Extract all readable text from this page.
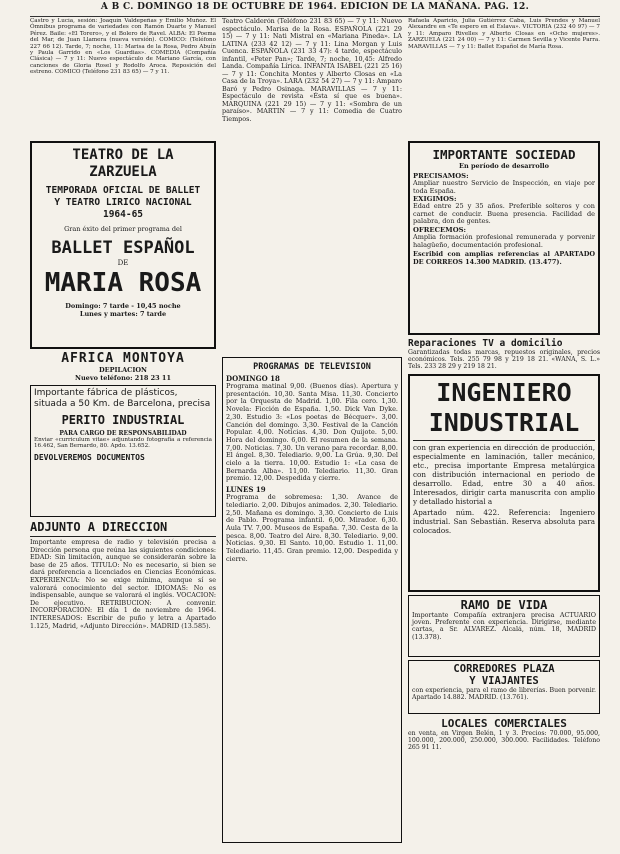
A B C. DOMINGO 18 DE OCTUBRE DE 1964. EDICION DE LA MAÑANA. PAG. 12.

Castro y Lucía, sesión: Joaquín Valdepeñas y Emilio Muñoz. El Ómnibus programa de variedades con Ramón Duarte y Manuel Pérez. Baile: «El Torero», y el Bolero de Ravel. ALBA: El Poema del Mar, de Juan Llamera (nueva versión). COMICO: (Teléfono 227 66 12). Tarde, 7; noche, 11: Marisa de la Rosa, Pedro Abuín y Paula Garrido en «Los Guardias». COMEDIA (Compañía Clásica) — 7 y 11: Nuevo espectáculo de Mariano García, con canciones de Gloria Rosel y Rodolfo Aroca. Reposición del estreno. COMICO (Teléfono 231 83 65) — 7 y 11.

TEATRO DE LA ZARZUELA
TEMPORADA OFICIAL DE BALLET Y TEATRO LIRICO NACIONAL 1964-65
Gran éxito del primer programa del
BALLET ESPAÑOL
DE
MARIA ROSA
Domingo: 7 tarde - 10,45 noche
Lunes y martes: 7 tarde
AFRICA MONTOYA
DEPILACION
Nuevo teléfono: 218 23 11
Importante fábrica de plásticos, situada a 50 Km. de Barcelona, precisa
PERITO INDUSTRIAL
PARA CARGO DE RESPONSABILIDAD

Enviar «curriculum vitae» adjuntando fotografía a referencia 16.462, San Bernardo, 80. Apdo. 13.652.

DEVOLVEREMOS DOCUMENTOS
ADJUNTO A DIRECCION

Importante empresa de radio y televisión precisa a Dirección persona que reúna las siguientes condiciones: EDAD: Sin limitación, aunque se considerarán sobre la base de 25 años. TITULO: No es necesario, si bien se dará preferencia a licenciados en Ciencias Económicas. EXPERIENCIA: No se exige mínima, aunque sí se valorará conocimiento del sector. IDIOMAS: No es indispensable, aunque se valorará el inglés. VOCACION: De ejecutivo. RETRIBUCION: A convenir. INCORPORACION: El día 1 de noviembre de 1964. INTERESADOS: Escribir de puño y letra a Apartado 1.125, Madrid, «Adjunto Dirección». MADRID (13.585).

Teatro Calderón (Teléfono 231 83 65) — 7 y 11: Nuevo espectáculo. Marisa de la Rosa. ESPAÑOLA (221 29 15) — 7 y 11: Nati Mistral en «Mariana Pineda». LA LATINA (233 42 12) — 7 y 11: Lina Morgan y Luis Cuenca. ESPAÑOLA (231 33 47): 4 tarde, espectáculo infantil, «Peter Pan»; Tarde, 7; noche, 10,45: Alfredo Landa. Compañía Lírica. INFANTA ISABEL (221 25 16) — 7 y 11: Conchita Montes y Alberto Closas en «La Casa de la Troya». LARA (232 54 27) — 7 y 11: Amparo Baró y Pedro Osinaga. MARAVILLAS — 7 y 11: Espectáculo de revista «Ésta sí que es buena». MARQUINA (221 29 15) — 7 y 11: «Sombra de un paraíso». MARTIN — 7 y 11: Comedia de Cuatro Tiempos.

PROGRAMAS DE TELEVISION
DOMINGO 18

Programa matinal 9,00. (Buenos días). Apertura y presentación. 10,30. Santa Misa. 11,30. Concierto por la Orquesta de Madrid. 1,00. Fila cero. 1,30. Novela: Ficción de España. 1,50. Dick Van Dyke. 2,30. Estudio 3: «Los poetas de Bécquer». 3,00. Canción del domingo. 3,30. Festival de la Canción Popular. 4,00. Noticias. 4,30. Don Quijote. 5,00. Hora del domingo. 6,00. El resumen de la semana. 7,00. Noticias. 7,30. Un verano para recordar. 8,00. El ángel. 8,30. Telediario. 9,00. La Grúa. 9,30. Del cielo a la tierra. 10,00. Estudio 1: «La casa de Bernarda Alba». 11,00. Telediario. 11,30. Gran premio. 12,00. Despedida y cierre.

LUNES 19

Programa de sobremesa: 1,30. Avance de telediario. 2,00. Dibujos animados. 2,30. Telediario. 2,50. Mañana es domingo. 3,30. Concierto de Luis de Pablo. Programa infantil. 6,00. Mirador. 6,30. Aula TV. 7,00. Museos de España. 7,30. Cesta de la pesca. 8,00. Teatro del Aire. 8,30. Telediario. 9,00. Noticias. 9,30. El Santo. 10,00. Estudio 1. 11,00. Telediario. 11,45. Gran premio. 12,00. Despedida y cierre.

Rafaela Aparicio, Julia Gutiérrez Caba, Luis Prendes y Manuel Alexandre en «Te espero en el Eslava». VICTORIA (232 40 97) — 7 y 11: Amparo Rivelles y Alberto Closas en «Ocho mujeres». ZARZUELA (221 24 00) — 7 y 11: Carmen Sevilla y Vicente Parra. MARAVILLAS — 7 y 11: Ballet Español de María Rosa.

IMPORTANTE SOCIEDAD
En período de desarrollo
PRECISAMOS:

Ampliar nuestro Servicio de Inspección, en viaje por toda España.

EXIGIMOS:

Edad entre 25 y 35 años. Preferible solteros y con carnet de conducir. Buena presencia. Facilidad de palabra, don de gentes.

OFRECEMOS:

Amplia formación profesional remunerada y porvenir halagüeño, documentación profesional.

Escribid con amplias referencias al APARTADO DE CORREOS 14.300 MADRID. (13.477).

Reparaciones TV a domicilio

Garantizadas todas marcas, repuestos originales, precios económicos. Tels. 255 79 98 y 219 18 21. «WANA, S. L.» Tels. 233 28 29 y 219 18 21.

INGENIERO
INDUSTRIAL

con gran experiencia en dirección de producción, especialmente en laminación, taller mecánico, etc., precisa importante Empresa metalúrgica con distribución internacional en periodo de desarrollo. Edad, entre 30 a 40 años. Interesados, dirigir carta manuscrita con amplio y detallado historial a

Apartado núm. 422. Referencia: Ingeniero industrial. San Sebastián. Reserva absoluta para colocados.

RAMO DE VIDA

Importante Compañía extranjera precisa ACTUARIO joven. Preferente con experiencia. Dirigirse, mediante cartas, a Sr. ALVAREZ. Alcalá, núm. 18, MADRID (13.378).

CORREDORES PLAZA
Y VIAJANTES

con experiencia, para el ramo de librerías. Buen porvenir. Apartado 14.882. MADRID. (13.761).

LOCALES COMERCIALES

en venta, en Virgen Belén, 1 y 3. Precios: 70.000, 95.000, 100.000, 200.000, 250.000, 300.000. Facilidades. Teléfono 265 91 11.
